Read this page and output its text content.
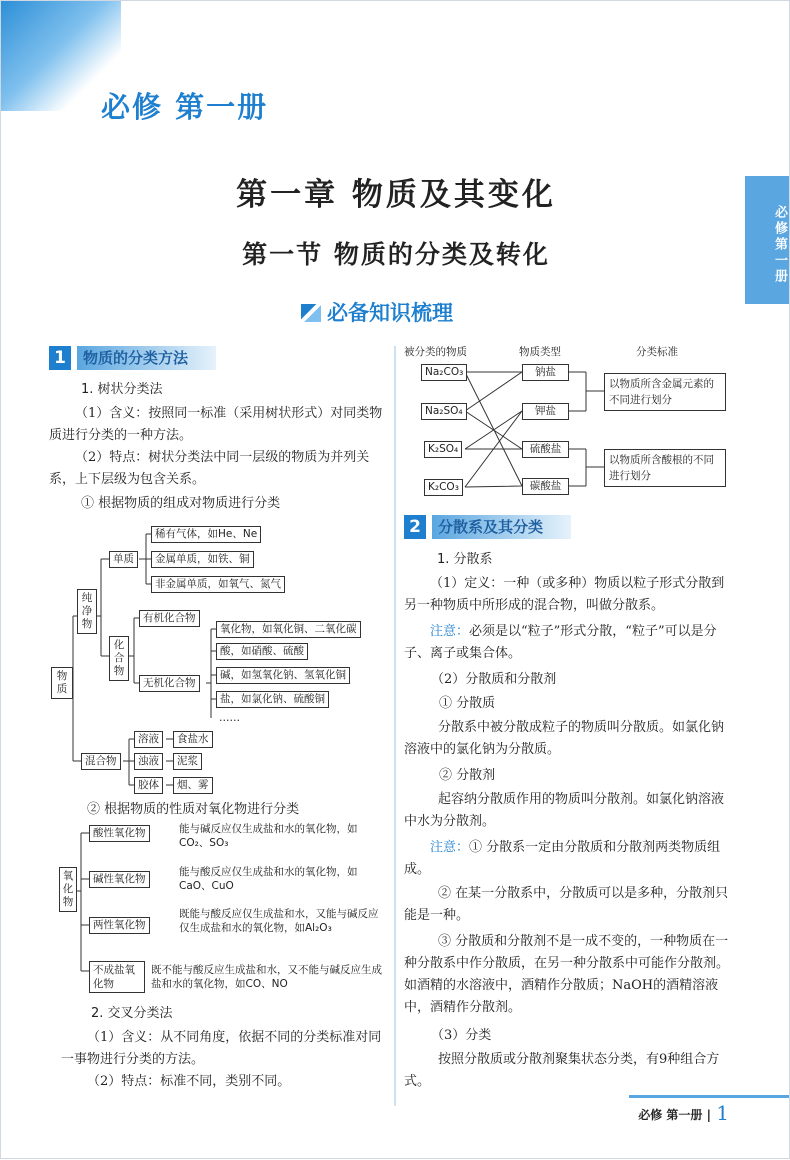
必修 第一册
必修第一册
第一章 物质及其变化
第一节 物质的分类及转化
必备知识梳理
1	物质的分类方法
1. 树状分类法
（1）含义：按照同一标准（采用树状形式）对同类物质进行分类的一种方法。
（2）特点：树状分类法中同一层级的物质为并列关系，上下层级为包含关系。
① 根据物质的组成对物质进行分类
物质
纯净物
单质
化合物
稀有气体，如He、Ne
金属单质，如铁、铜
非金属单质，如氧气、氮气
有机化合物
无机化合物
氧化物，如氧化铜、二氧化碳
酸，如硝酸、硫酸
碱，如氢氧化钠、氢氧化铜
盐，如氯化钠、硫酸铜
……
混合物
溶液	食盐水
浊液	泥浆
胶体	烟、雾
② 根据物质的性质对氧化物进行分类
氧化物
酸性氧化物	能与碱反应仅生成盐和水的氧化物，如CO₂、SO₃
碱性氧化物
能与酸反应仅生成盐和水的氧化物，如CaO、CuO
两性氧化物
既能与酸反应仅生成盐和水，又能与碱反应仅生成盐和水的氧化物，如Al₂O₃
不成盐氧化物
既不能与酸反应生成盐和水，又不能与碱反应生成盐和水的氧化物，如CO、NO
2. 交叉分类法
（1）含义：从不同角度，依据不同的分类标准对同一事物进行分类的方法。
（2）特点：标准不同，类别不同。
被分类的物质	物质类型	分类标准
Na₂CO₃
Na₂SO₄
K₂SO₄
K₂CO₃
钠盐
钾盐
硫酸盐
碳酸盐
以物质所含金属元素的不同进行划分
以物质所含酸根的不同进行划分
2	分散系及其分类
1. 分散系
（1）定义：一种（或多种）物质以粒子形式分散到另一种物质中所形成的混合物，叫做分散系。
注意：必须是以“粒子”形式分散，“粒子”可以是分子、离子或集合体。
（2）分散质和分散剂
① 分散质
分散系中被分散成粒子的物质叫分散质。如氯化钠溶液中的氯化钠为分散质。
② 分散剂
起容纳分散质作用的物质叫分散剂。如氯化钠溶液中水为分散剂。
注意：① 分散系一定由分散质和分散剂两类物质组成。
② 在某一分散系中，分散质可以是多种，分散剂只能是一种。
③ 分散质和分散剂不是一成不变的，一种物质在一种分散系中作分散质，在另一种分散系中可能作分散剂。如酒精的水溶液中，酒精作分散质；NaOH的酒精溶液中，酒精作分散剂。
（3）分类
按照分散质或分散剂聚集状态分类，有9种组合方式。
必修 第一册 | 1
